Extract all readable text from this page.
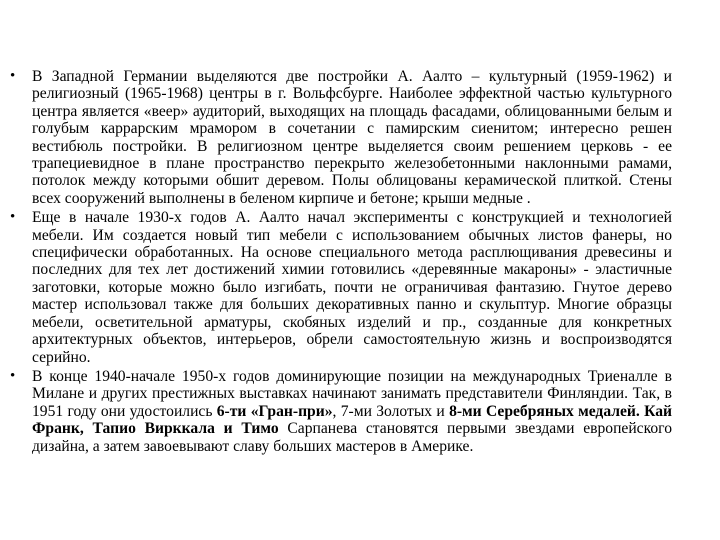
• В Западной Германии выделяются две постройки А. Аалто – культурный (1959-1962) и религиозный (1965-1968) центры в г. Вольфсбурге. Наиболее эффектной частью культурного центра является «веер» аудиторий, выходящих на площадь фасадами, облицованными белым и голубым каррарским мрамором в сочетании с памирским сиенитом; интересно решен вестибюль постройки. В религиозном центре выделяется своим решением церковь - ее трапециевидное в плане пространство перекрыто железобетонными наклонными рамами, потолок между которыми обшит деревом. Полы облицованы керамической плиткой. Стены всех сооружений выполнены в беленом кирпиче и бетоне; крыши медные .
• Еще в начале 1930-х годов А. Аалто начал эксперименты с конструкцией и технологией мебели. Им создается новый тип мебели с использованием обычных листов фанеры, но специфически обработанных. На основе специального метода расплющивания древесины и последних для тех лет достижений химии готовились «деревянные макароны» - эластичные заготовки, которые можно было изгибать, почти не ограничивая фантазию. Гнутое дерево мастер использовал также для больших декоративных панно и скульптур. Многие образцы мебели, осветительной арматуры, скобяных изделий и пр., созданные для конкретных архитектурных объектов, интерьеров, обрели самостоятельную жизнь и воспроизводятся серийно.
• В конце 1940-начале 1950-х годов доминирующие позиции на международных Триеналле в Милане и других престижных выставках начинают занимать представители Финляндии. Так, в 1951 году они удостоились 6-ти «Гран-при», 7-ми Золотых и 8-ми Серебряных медалей. Кай Франк, Тапио Вирккала и Тимо Сарпанева становятся первыми звездами европейского дизайна, а затем завоевывают славу больших мастеров в Америке.
